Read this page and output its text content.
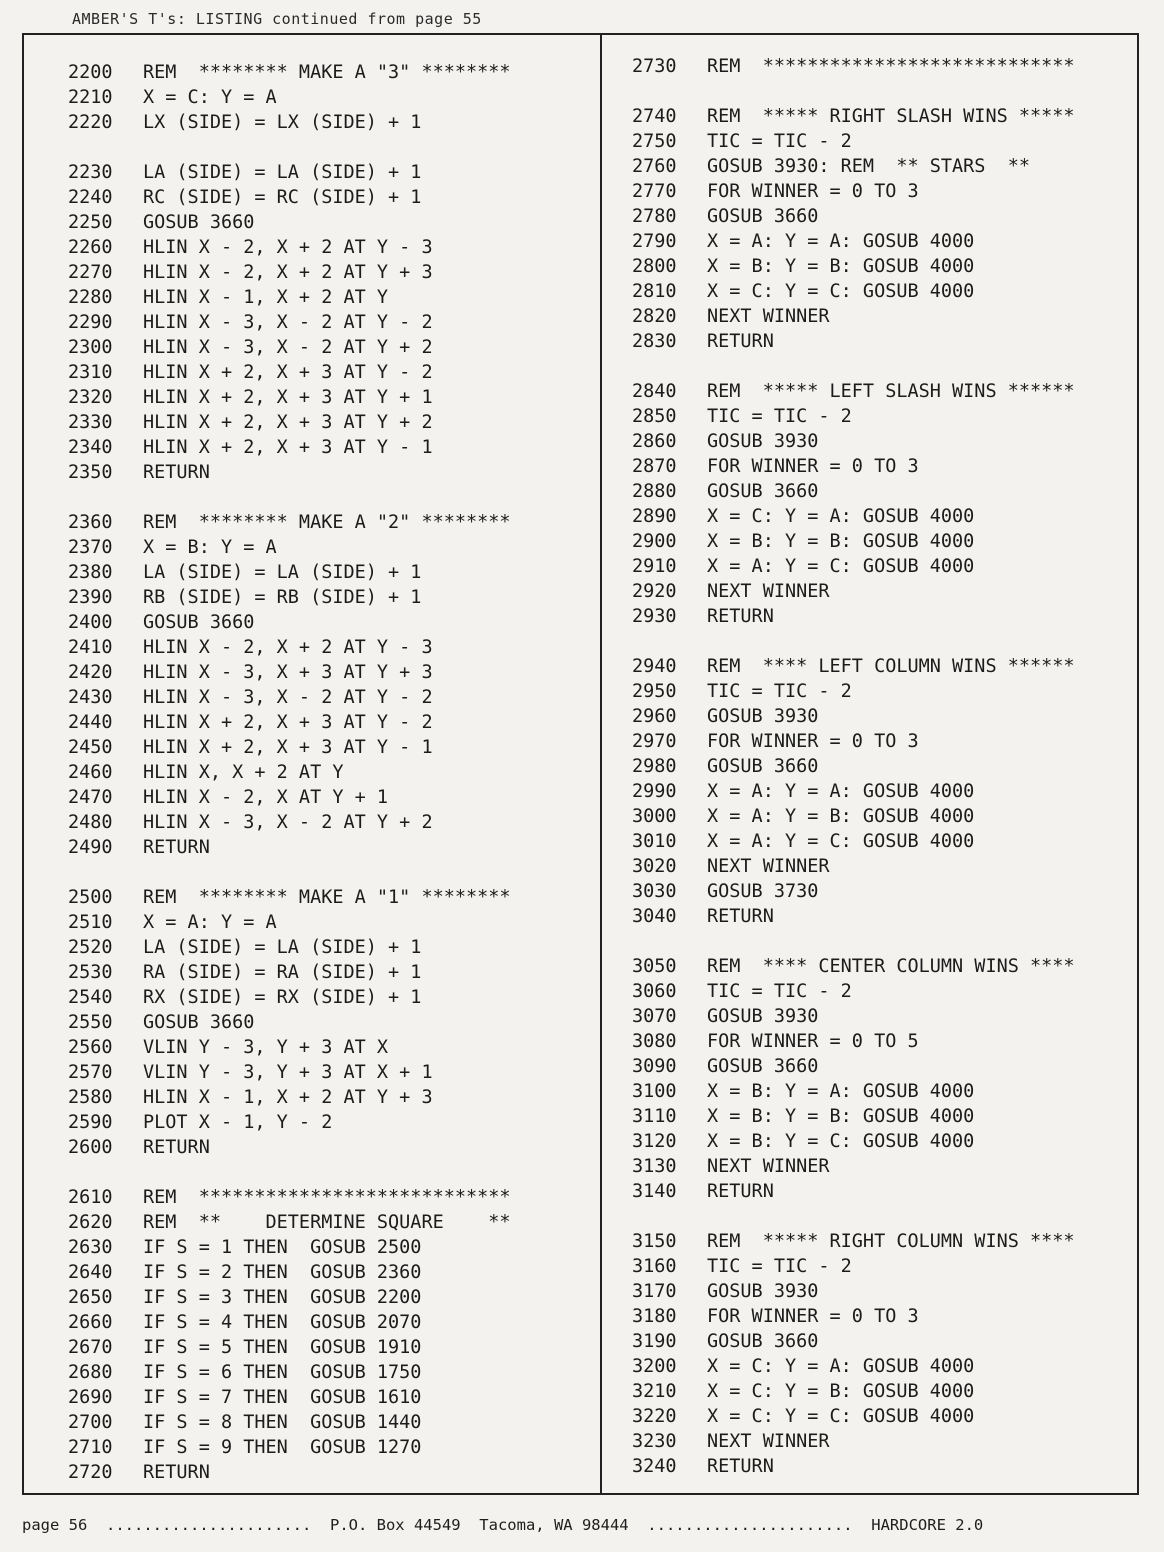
AMBER'S T's: LISTING continued from page 55
2200 REM  ******** MAKE A "3" ********
2210 X = C: Y = A
2220 LX (SIDE) = LX (SIDE) + 1
2230 LA (SIDE) = LA (SIDE) + 1
2240 RC (SIDE) = RC (SIDE) + 1
2250 GOSUB 3660
2260 HLIN X - 2, X + 2 AT Y - 3
2270 HLIN X - 2, X + 2 AT Y + 3
2280 HLIN X - 1, X + 2 AT Y
2290 HLIN X - 3, X - 2 AT Y - 2
2300 HLIN X - 3, X - 2 AT Y + 2
2310 HLIN X + 2, X + 3 AT Y - 2
2320 HLIN X + 2, X + 3 AT Y + 1
2330 HLIN X + 2, X + 3 AT Y + 2
2340 HLIN X + 2, X + 3 AT Y - 1
2350 RETURN
2360 REM  ******** MAKE A "2" ********
2370 X = B: Y = A
2380 LA (SIDE) = LA (SIDE) + 1
2390 RB (SIDE) = RB (SIDE) + 1
2400 GOSUB 3660
2410 HLIN X - 2, X + 2 AT Y - 3
2420 HLIN X - 3, X + 3 AT Y + 3
2430 HLIN X - 3, X - 2 AT Y - 2
2440 HLIN X + 2, X + 3 AT Y - 2
2450 HLIN X + 2, X + 3 AT Y - 1
2460 HLIN X, X + 2 AT Y
2470 HLIN X - 2, X AT Y + 1
2480 HLIN X - 3, X - 2 AT Y + 2
2490 RETURN
2500 REM  ******** MAKE A "1" ********
2510 X = A: Y = A
2520 LA (SIDE) = LA (SIDE) + 1
2530 RA (SIDE) = RA (SIDE) + 1
2540 RX (SIDE) = RX (SIDE) + 1
2550 GOSUB 3660
2560 VLIN Y - 3, Y + 3 AT X
2570 VLIN Y - 3, Y + 3 AT X + 1
2580 HLIN X - 1, X + 2 AT Y + 3
2590 PLOT X - 1, Y - 2
2600 RETURN
2610 REM  ****************************
2620 REM  **    DETERMINE SQUARE    **
2630 IF S = 1 THEN  GOSUB 2500
2640 IF S = 2 THEN  GOSUB 2360
2650 IF S = 3 THEN  GOSUB 2200
2660 IF S = 4 THEN  GOSUB 2070
2670 IF S = 5 THEN  GOSUB 1910
2680 IF S = 6 THEN  GOSUB 1750
2690 IF S = 7 THEN  GOSUB 1610
2700 IF S = 8 THEN  GOSUB 1440
2710 IF S = 9 THEN  GOSUB 1270
2720 RETURN
2730 REM  ****************************
2740 REM  ***** RIGHT SLASH WINS *****
2750 TIC = TIC - 2
2760 GOSUB 3930: REM  ** STARS  **
2770 FOR WINNER = 0 TO 3
2780 GOSUB 3660
2790 X = A: Y = A: GOSUB 4000
2800 X = B: Y = B: GOSUB 4000
2810 X = C: Y = C: GOSUB 4000
2820 NEXT WINNER
2830 RETURN
2840 REM  ***** LEFT SLASH WINS ******
2850 TIC = TIC - 2
2860 GOSUB 3930
2870 FOR WINNER = 0 TO 3
2880 GOSUB 3660
2890 X = C: Y = A: GOSUB 4000
2900 X = B: Y = B: GOSUB 4000
2910 X = A: Y = C: GOSUB 4000
2920 NEXT WINNER
2930 RETURN
2940 REM  **** LEFT COLUMN WINS ******
2950 TIC = TIC - 2
2960 GOSUB 3930
2970 FOR WINNER = 0 TO 3
2980 GOSUB 3660
2990 X = A: Y = A: GOSUB 4000
3000 X = A: Y = B: GOSUB 4000
3010 X = A: Y = C: GOSUB 4000
3020 NEXT WINNER
3030 GOSUB 3730
3040 RETURN
3050 REM  **** CENTER COLUMN WINS ****
3060 TIC = TIC - 2
3070 GOSUB 3930
3080 FOR WINNER = 0 TO 5
3090 GOSUB 3660
3100 X = B: Y = A: GOSUB 4000
3110 X = B: Y = B: GOSUB 4000
3120 X = B: Y = C: GOSUB 4000
3130 NEXT WINNER
3140 RETURN
3150 REM  ***** RIGHT COLUMN WINS ****
3160 TIC = TIC - 2
3170 GOSUB 3930
3180 FOR WINNER = 0 TO 3
3190 GOSUB 3660
3200 X = C: Y = A: GOSUB 4000
3210 X = C: Y = B: GOSUB 4000
3220 X = C: Y = C: GOSUB 4000
3230 NEXT WINNER
3240 RETURN
page 56 ...................... P.O. Box 44549  Tacoma, WA 98444 ...................... HARDCORE 2.0
